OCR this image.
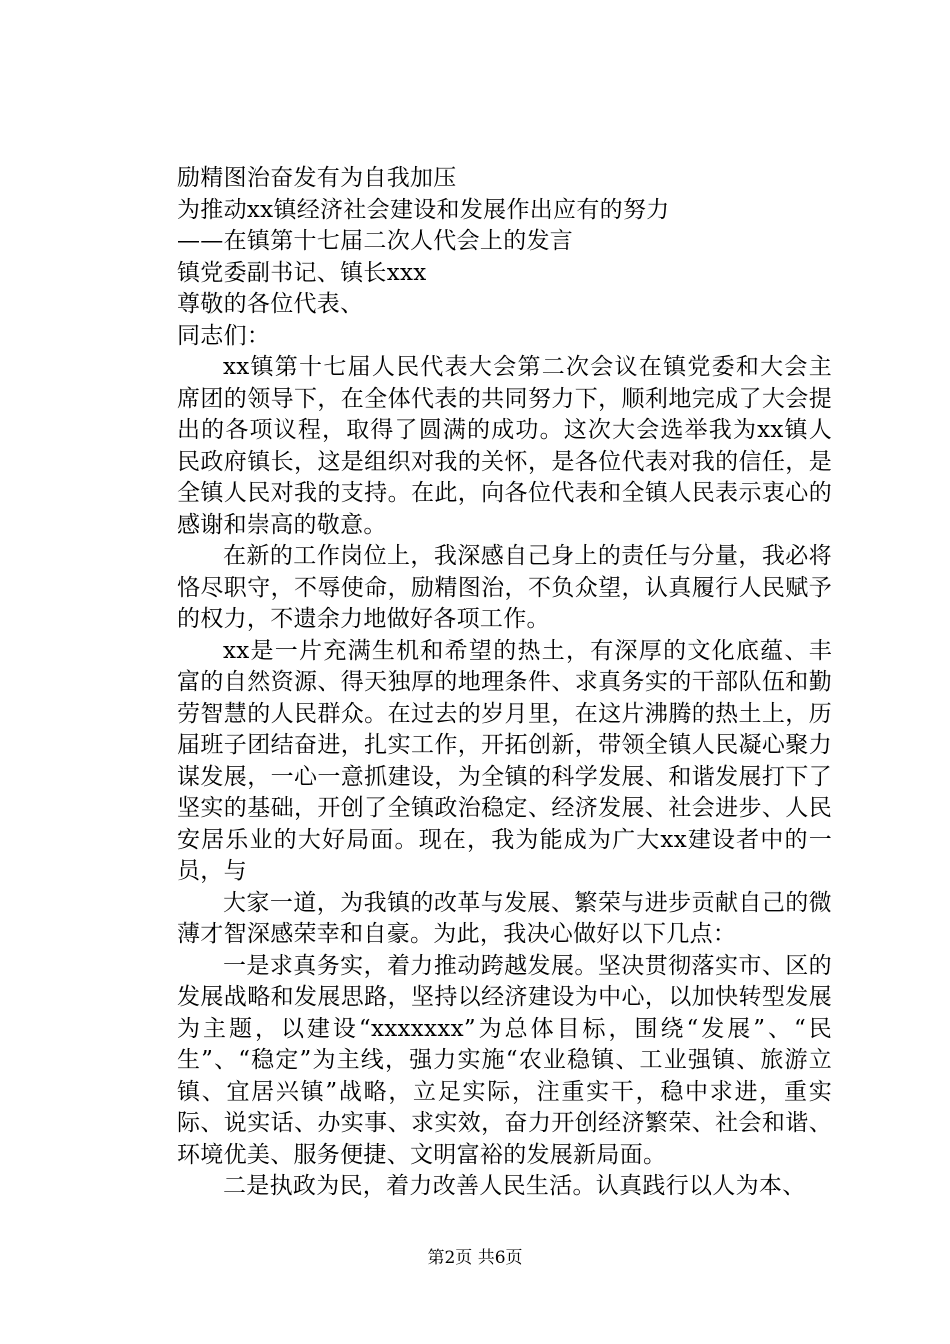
励精图治奋发有为自我加压

为推动xx镇经济社会建设和发展作出应有的努力

——在镇第十七届二次人代会上的发言

镇党委副书记、镇长xxx

尊敬的各位代表、

同志们：

xx镇第十七届人民代表大会第二次会议在镇党委和大会主席团的领导下，在全体代表的共同努力下，顺利地完成了大会提出的各项议程，取得了圆满的成功。这次大会选举我为xx镇人民政府镇长，这是组织对我的关怀，是各位代表对我的信任，是全镇人民对我的支持。在此，向各位代表和全镇人民表示衷心的感谢和崇高的敬意。

在新的工作岗位上，我深感自己身上的责任与分量，我必将恪尽职守，不辱使命，励精图治，不负众望，认真履行人民赋予的权力，不遗余力地做好各项工作。

xx是一片充满生机和希望的热土，有深厚的文化底蕴、丰富的自然资源、得天独厚的地理条件、求真务实的干部队伍和勤劳智慧的人民群众。在过去的岁月里，在这片沸腾的热土上，历届班子团结奋进，扎实工作，开拓创新，带领全镇人民凝心聚力谋发展，一心一意抓建设，为全镇的科学发展、和谐发展打下了坚实的基础，开创了全镇政治稳定、经济发展、社会进步、人民安居乐业的大好局面。现在，我为能成为广大xx建设者中的一员，与

大家一道，为我镇的改革与发展、繁荣与进步贡献自己的微薄才智深感荣幸和自豪。为此，我决心做好以下几点：

一是求真务实，着力推动跨越发展。坚决贯彻落实市、区的发展战略和发展思路，坚持以经济建设为中心，以加快转型发展为主题，以建设“xxxxxxx”为总体目标，围绕“发展”、“民生”、“稳定”为主线，强力实施“农业稳镇、工业强镇、旅游立镇、宜居兴镇”战略，立足实际，注重实干，稳中求进，重实际、说实话、办实事、求实效，奋力开创经济繁荣、社会和谐、环境优美、服务便捷、文明富裕的发展新局面。

二是执政为民，着力改善人民生活。认真践行以人为本、

第2页 共6页
